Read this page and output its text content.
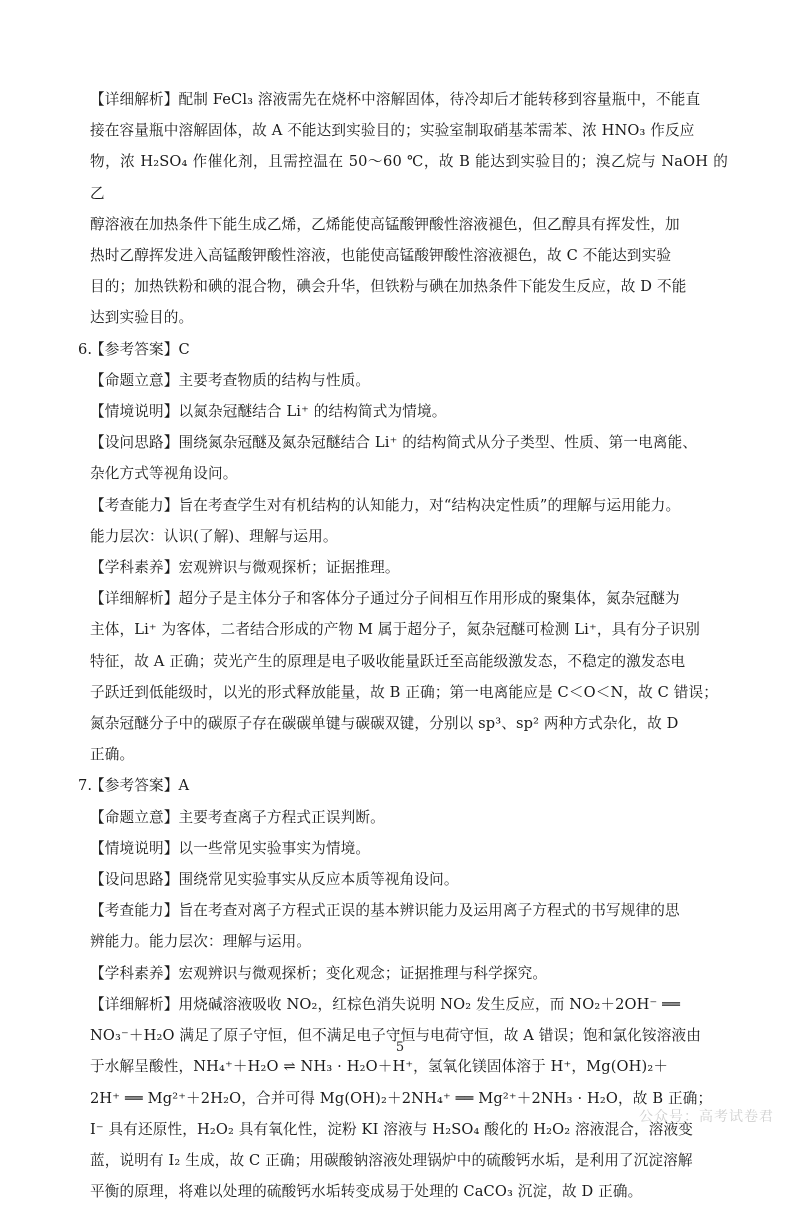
【详细解析】配制 FeCl₃ 溶液需先在烧杯中溶解固体，待冷却后才能转移到容量瓶中，不能直

接在容量瓶中溶解固体，故 A 不能达到实验目的；实验室制取硝基苯需苯、浓 HNO₃ 作反应

物，浓 H₂SO₄ 作催化剂，且需控温在 50～60 ℃，故 B 能达到实验目的；溴乙烷与 NaOH 的乙

醇溶液在加热条件下能生成乙烯，乙烯能使高锰酸钾酸性溶液褪色，但乙醇具有挥发性，加

热时乙醇挥发进入高锰酸钾酸性溶液，也能使高锰酸钾酸性溶液褪色，故 C 不能达到实验

目的；加热铁粉和碘的混合物，碘会升华，但铁粉与碘在加热条件下能发生反应，故 D 不能

达到实验目的。

6.【参考答案】C

【命题立意】主要考查物质的结构与性质。

【情境说明】以氮杂冠醚结合 Li⁺ 的结构简式为情境。

【设问思路】围绕氮杂冠醚及氮杂冠醚结合 Li⁺ 的结构简式从分子类型、性质、第一电离能、

杂化方式等视角设问。

【考查能力】旨在考查学生对有机结构的认知能力，对“结构决定性质”的理解与运用能力。

能力层次：认识(了解)、理解与运用。

【学科素养】宏观辨识与微观探析；证据推理。

【详细解析】超分子是主体分子和客体分子通过分子间相互作用形成的聚集体，氮杂冠醚为

主体，Li⁺ 为客体，二者结合形成的产物 M 属于超分子，氮杂冠醚可检测 Li⁺，具有分子识别

特征，故 A 正确；荧光产生的原理是电子吸收能量跃迁至高能级激发态，不稳定的激发态电

子跃迁到低能级时，以光的形式释放能量，故 B 正确；第一电离能应是 C＜O＜N，故 C 错误；

氮杂冠醚分子中的碳原子存在碳碳单键与碳碳双键，分别以 sp³、sp² 两种方式杂化，故 D

正确。

7.【参考答案】A

【命题立意】主要考查离子方程式正误判断。

【情境说明】以一些常见实验事实为情境。

【设问思路】围绕常见实验事实从反应本质等视角设问。

【考查能力】旨在考查对离子方程式正误的基本辨识能力及运用离子方程式的书写规律的思

辨能力。能力层次：理解与运用。

【学科素养】宏观辨识与微观探析；变化观念；证据推理与科学探究。

【详细解析】用烧碱溶液吸收 NO₂，红棕色消失说明 NO₂ 发生反应，而 NO₂＋2OH⁻ ══

NO₃⁻＋H₂O 满足了原子守恒，但不满足电子守恒与电荷守恒，故 A 错误；饱和氯化铵溶液由

于水解呈酸性，NH₄⁺＋H₂O ⇌ NH₃ · H₂O＋H⁺，氢氧化镁固体溶于 H⁺，Mg(OH)₂＋

2H⁺ ══ Mg²⁺＋2H₂O，合并可得 Mg(OH)₂＋2NH₄⁺ ══ Mg²⁺＋2NH₃ · H₂O，故 B 正确；

I⁻ 具有还原性，H₂O₂ 具有氧化性，淀粉 KI 溶液与 H₂SO₄ 酸化的 H₂O₂ 溶液混合，溶液变

蓝，说明有 I₂ 生成，故 C 正确；用碳酸钠溶液处理锅炉中的硫酸钙水垢，是利用了沉淀溶解

平衡的原理，将难以处理的硫酸钙水垢转变成易于处理的 CaCO₃ 沉淀，故 D 正确。

5
公众号：高考试卷君
